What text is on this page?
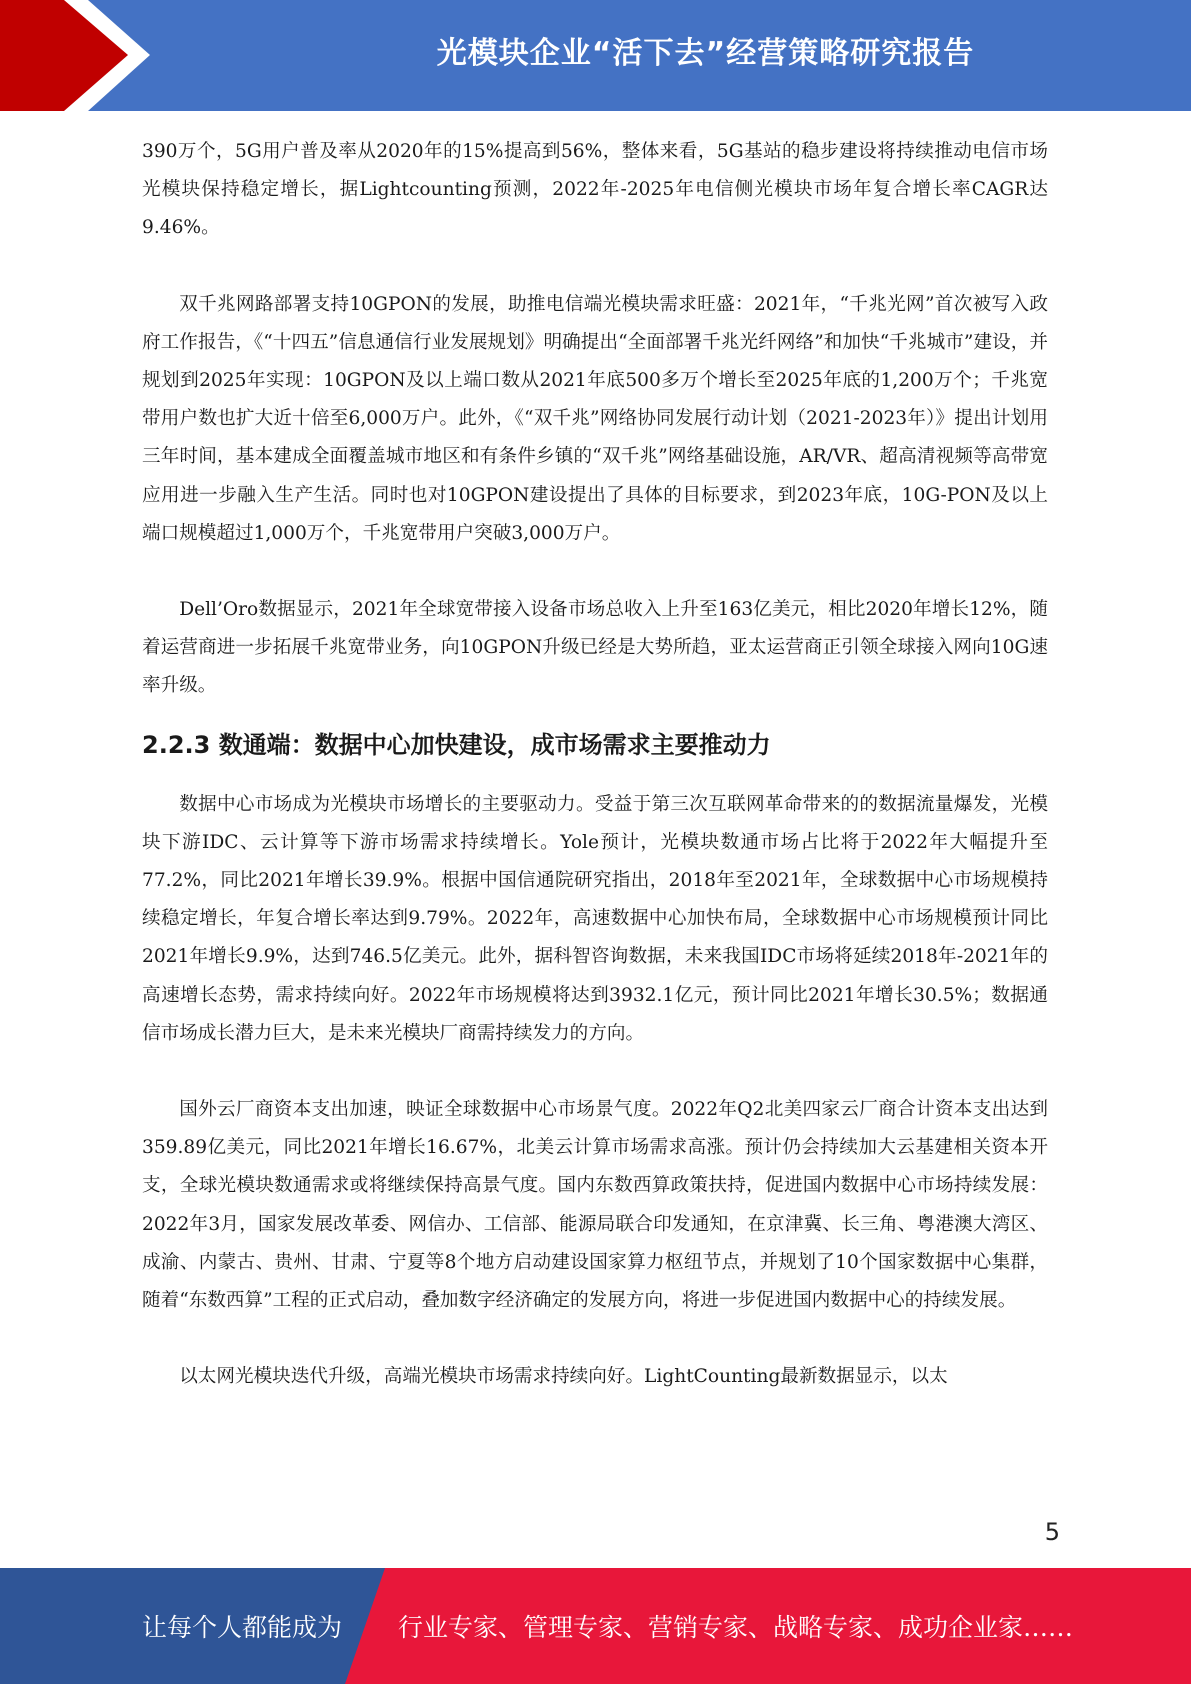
光模块企业“活下去”经营策略研究报告

390万个，5G用户普及率从2020年的15%提高到56%，整体来看，5G基站的稳步建设将持续推动电信市场光模块保持稳定增长，据Lightcounting预测，2022年-2025年电信侧光模块市场年复合增长率CAGR达9.46%。

双千兆网路部署支持10GPON的发展，助推电信端光模块需求旺盛：2021年，“千兆光网”首次被写入政府工作报告，《“十四五”信息通信行业发展规划》明确提出“全面部署千兆光纤网络”和加快“千兆城市”建设，并规划到2025年实现：10GPON及以上端口数从2021年底500多万个增长至2025年底的1,200万个；千兆宽带用户数也扩大近十倍至6,000万户。此外，《“双千兆”网络协同发展行动计划（2021-2023年）》提出计划用三年时间，基本建成全面覆盖城市地区和有条件乡镇的“双千兆”网络基础设施，AR/VR、超高清视频等高带宽应用进一步融入生产生活。同时也对10GPON建设提出了具体的目标要求，到2023年底，10G-PON及以上端口规模超过1,000万个，千兆宽带用户突破3,000万户。

Dell’Oro数据显示，2021年全球宽带接入设备市场总收入上升至163亿美元，相比2020年增长12%，随着运营商进一步拓展千兆宽带业务，向10GPON升级已经是大势所趋，亚太运营商正引领全球接入网向10G速率升级。

2.2.3 数通端：数据中心加快建设，成市场需求主要推动力

数据中心市场成为光模块市场增长的主要驱动力。受益于第三次互联网革命带来的的数据流量爆发，光模块下游IDC、云计算等下游市场需求持续增长。Yole预计，光模块数通市场占比将于2022年大幅提升至77.2%，同比2021年增长39.9%。根据中国信通院研究指出，2018年至2021年，全球数据中心市场规模持续稳定增长，年复合增长率达到9.79%。2022年，高速数据中心加快布局，全球数据中心市场规模预计同比2021年增长9.9%，达到746.5亿美元。此外，据科智咨询数据，未来我国IDC市场将延续2018年-2021年的高速增长态势，需求持续向好。2022年市场规模将达到3932.1亿元，预计同比2021年增长30.5%；数据通信市场成长潜力巨大，是未来光模块厂商需持续发力的方向。

国外云厂商资本支出加速，映证全球数据中心市场景气度。2022年Q2北美四家云厂商合计资本支出达到359.89亿美元，同比2021年增长16.67%，北美云计算市场需求高涨。预计仍会持续加大云基建相关资本开支，全球光模块数通需求或将继续保持高景气度。国内东数西算政策扶持，促进国内数据中心市场持续发展：2022年3月，国家发展改革委、网信办、工信部、能源局联合印发通知，在京津冀、长三角、粤港澳大湾区、成渝、内蒙古、贵州、甘肃、宁夏等8个地方启动建设国家算力枢纽节点，并规划了10个国家数据中心集群，随着“东数西算”工程的正式启动，叠加数字经济确定的发展方向，将进一步促进国内数据中心的持续发展。

以太网光模块迭代升级，高端光模块市场需求持续向好。LightCounting最新数据显示，以太

5
让每个人都能成为 行业专家、管理专家、营销专家、战略专家、成功企业家……
